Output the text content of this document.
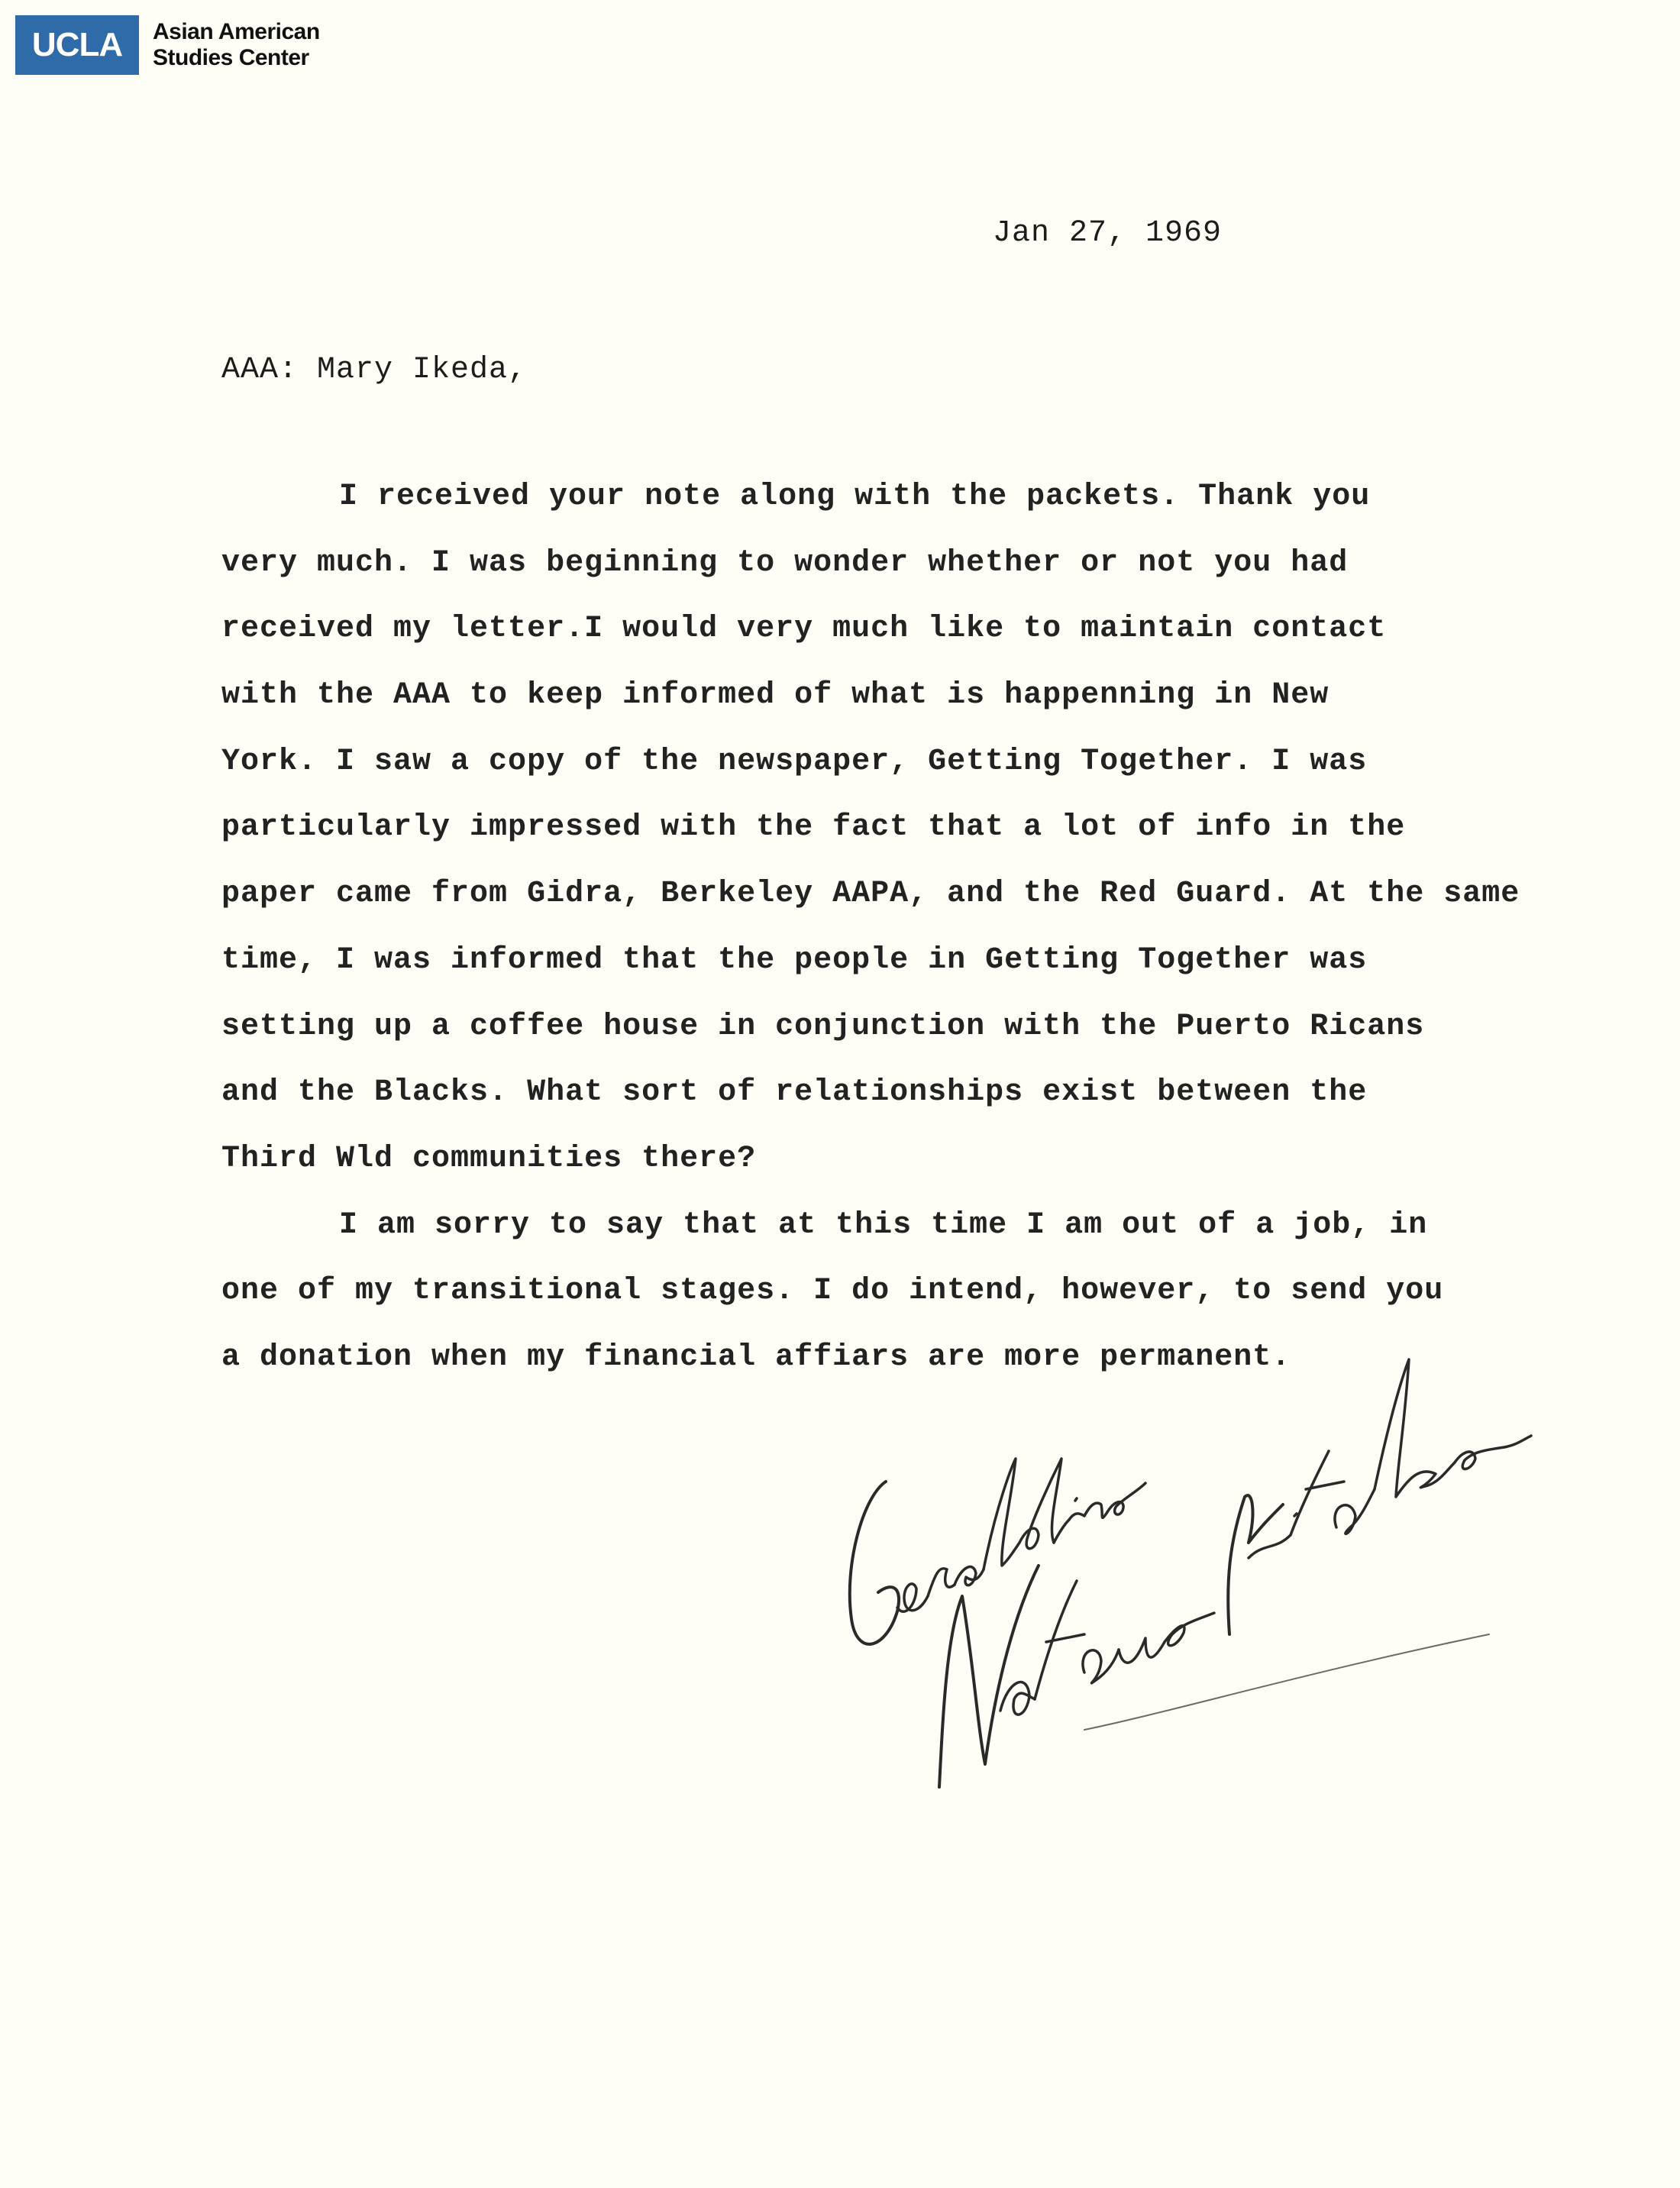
UCLA	Asian American
Studies Center
Jan 27, 1969
AAA: Mary Ikeda,
I received your note along with the packets. Thank you
very much. I was beginning to wonder whether or not you had
received my letter.I would very much like to maintain contact
with the AAA to keep informed of what is happenning in New
York. I saw a copy of the newspaper, Getting Together. I was
particularly impressed with the fact that a lot of info in the
paper came from Gidra, Berkeley AAPA, and the Red Guard. At the same
time, I was informed that the people in Getting Together was
setting up a coffee house in conjunction with the Puerto Ricans
and the Blacks. What sort of relationships exist between the
Third Wld communities there?
I am sorry to say that at this time I am out of a job, in
one of my transitional stages. I do intend, however, to send you
a donation when my financial affiars are more permanent.
